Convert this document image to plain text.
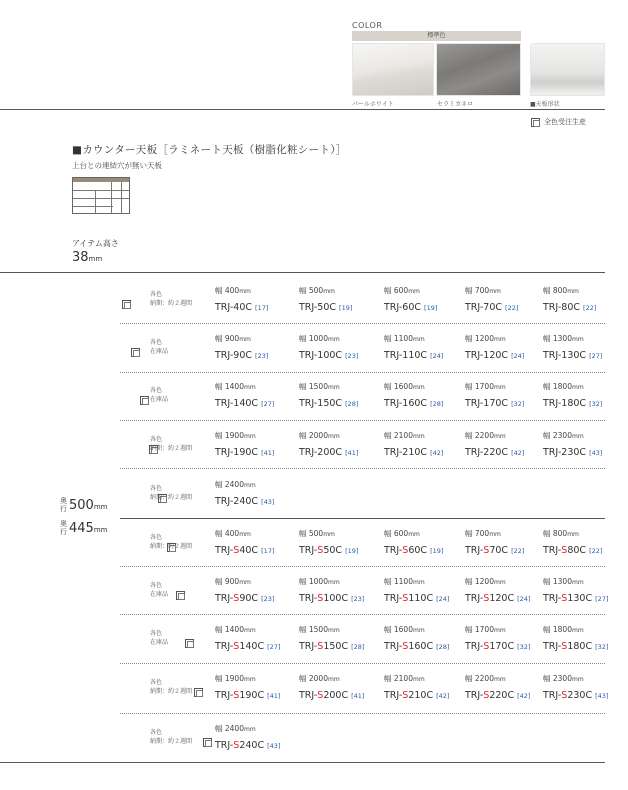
COLOR
標準色
パールホワイト	セラミカネロ	■天板形状
全色受注生産
■カウンター天板［ラミネート天板（樹脂化粧シート）］
上台との連結穴が無い天板
アイテム高さ
38mm
奥行 500mm
奥行 445mm
各色
納期：約２週間
幅 400mm
TRJ-40C [17]
幅 500mm
TRJ-50C [19]
幅 600mm
TRJ-60C [19]
幅 700mm
TRJ-70C [22]
幅 800mm
TRJ-80C [22]
各色
在庫品
幅 900mm
TRJ-90C [23]
幅 1000mm
TRJ-100C [23]
幅 1100mm
TRJ-110C [24]
幅 1200mm
TRJ-120C [24]
幅 1300mm
TRJ-130C [27]
各色
在庫品
幅 1400mm
TRJ-140C [27]
幅 1500mm
TRJ-150C [28]
幅 1600mm
TRJ-160C [28]
幅 1700mm
TRJ-170C [32]
幅 1800mm
TRJ-180C [32]
各色
納期：約２週間
幅 1900mm
TRJ-190C [41]
幅 2000mm
TRJ-200C [41]
幅 2100mm
TRJ-210C [42]
幅 2200mm
TRJ-220C [42]
幅 2300mm
TRJ-230C [43]
各色
納期：約２週間
幅 2400mm
TRJ-240C [43]
各色
納期：約２週間
幅 400mm
TRJ-S40C [17]
幅 500mm
TRJ-S50C [19]
幅 600mm
TRJ-S60C [19]
幅 700mm
TRJ-S70C [22]
幅 800mm
TRJ-S80C [22]
各色
在庫品
幅 900mm
TRJ-S90C [23]
幅 1000mm
TRJ-S100C [23]
幅 1100mm
TRJ-S110C [24]
幅 1200mm
TRJ-S120C [24]
幅 1300mm
TRJ-S130C [27]
各色
在庫品
幅 1400mm
TRJ-S140C [27]
幅 1500mm
TRJ-S150C [28]
幅 1600mm
TRJ-S160C [28]
幅 1700mm
TRJ-S170C [32]
幅 1800mm
TRJ-S180C [32]
各色
納期：約２週間
幅 1900mm
TRJ-S190C [41]
幅 2000mm
TRJ-S200C [41]
幅 2100mm
TRJ-S210C [42]
幅 2200mm
TRJ-S220C [42]
幅 2300mm
TRJ-S230C [43]
各色
納期：約２週間
幅 2400mm
TRJ-S240C [43]
